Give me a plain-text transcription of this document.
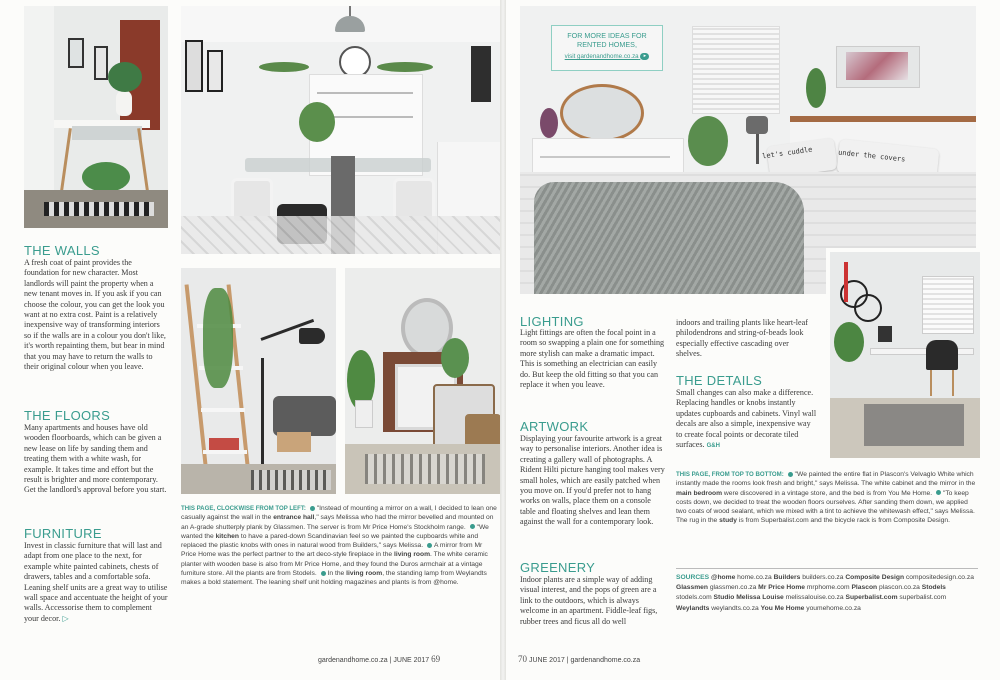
THE WALLS

A fresh coat of paint provides the foundation for new character. Most landlords will paint the property when a new tenant moves in. If you ask if you can choose the colour, you can get the look you want at no extra cost. Paint is a relatively inexpensive way of transforming interiors so if the walls are in a colour you don't like, it's worth repainting them, but bear in mind that you may have to return the walls to their original colour when you leave.

THE FLOORS

Many apartments and houses have old wooden floorboards, which can be given a new lease on life by sanding them and treating them with a white wash, for example. It takes time and effort but the result is brighter and more contemporary. Get the landlord's approval before you start.

FURNITURE

Invest in classic furniture that will last and adapt from one place to the next, for example white painted cabinets, chests of drawers, tables and a comfortable sofa. Leaning shelf units are a great way to utilise wall space and accentuate the height of your walls. Accessorise them to complement your decor. ▷

THIS PAGE, CLOCKWISE FROM TOP LEFT: "Instead of mounting a mirror on a wall, I decided to lean one casually against the wall in the entrance hall," says Melissa who had the mirror bevelled and mounted on an A-grade shutterply plank by Glassmen. The server is from Mr Price Home's Stockholm range. "We wanted the kitchen to have a pared-down Scandinavian feel so we painted the cupboards white and replaced the plastic knobs with ones in natural wood from Builders," says Melissa. A mirror from Mr Price Home was the perfect partner to the art deco-style fireplace in the living room. The white ceramic planter with wooden base is also from Mr Price Home, and they found the Duros armchair at a vintage furniture store. All the plants are from Stodels. In the living room, the standing lamp from Weylandts makes a bold statement. The leaning shelf unit holding magazines and plants is from @home.

gardenandhome.co.za | JUNE 2017 69
let's cuddle	under the covers
FOR MORE IDEAS FOR
RENTED HOMES,
visit gardenandhome.co.za ▸
LIGHTING

Light fittings are often the focal point in a room so swapping a plain one for something more stylish can make a dramatic impact. This is something an electrician can easily do. But keep the old fitting so that you can replace it when you leave.

ARTWORK

Displaying your favourite artwork is a great way to personalise interiors. Another idea is creating a gallery wall of photographs. A Rident Hilti picture hanging tool makes very small holes, which are easily patched when you move on. If you'd prefer not to hang works on walls, place them on a console table and floating shelves and lean them against the wall for a contemporary look.

GREENERY

Indoor plants are a simple way of adding visual interest, and the pops of green are a link to the outdoors, which is always welcome in an apartment. Fiddle-leaf figs, rubber trees and ficus all do well

indoors and trailing plants like heart-leaf philodendrons and string-of-beads look especially effective cascading over shelves.

THE DETAILS

Small changes can also make a difference. Replacing handles or knobs instantly updates cupboards and cabinets. Vinyl wall decals are also a simple, inexpensive way to create focal points or decorate tiled surfaces. G&H

THIS PAGE, FROM TOP TO BOTTOM: "We painted the entire flat in Plascon's Velvaglo White which instantly made the rooms look fresh and bright," says Melissa. The white cabinet and the mirror in the main bedroom were discovered in a vintage store, and the bed is from You Me Home. "To keep costs down, we decided to treat the wooden floors ourselves. After sanding them down, we applied two coats of wood sealant, which we mixed with a tint to achieve the whitewash effect," says Melissa. The rug in the study is from Superbalist.com and the bicycle rack is from Composite Design.

SOURCES @home home.co.za Builders builders.co.za Composite Design compositedesign.co.za Glassmen glassmen.co.za Mr Price Home mrphome.com Plascon plascon.co.za Stodels stodels.com Studio Melissa Louise melissalouise.co.za Superbalist.com superbalist.com Weylandts weylandts.co.za You Me Home youmehome.co.za

70 JUNE 2017 | gardenandhome.co.za
